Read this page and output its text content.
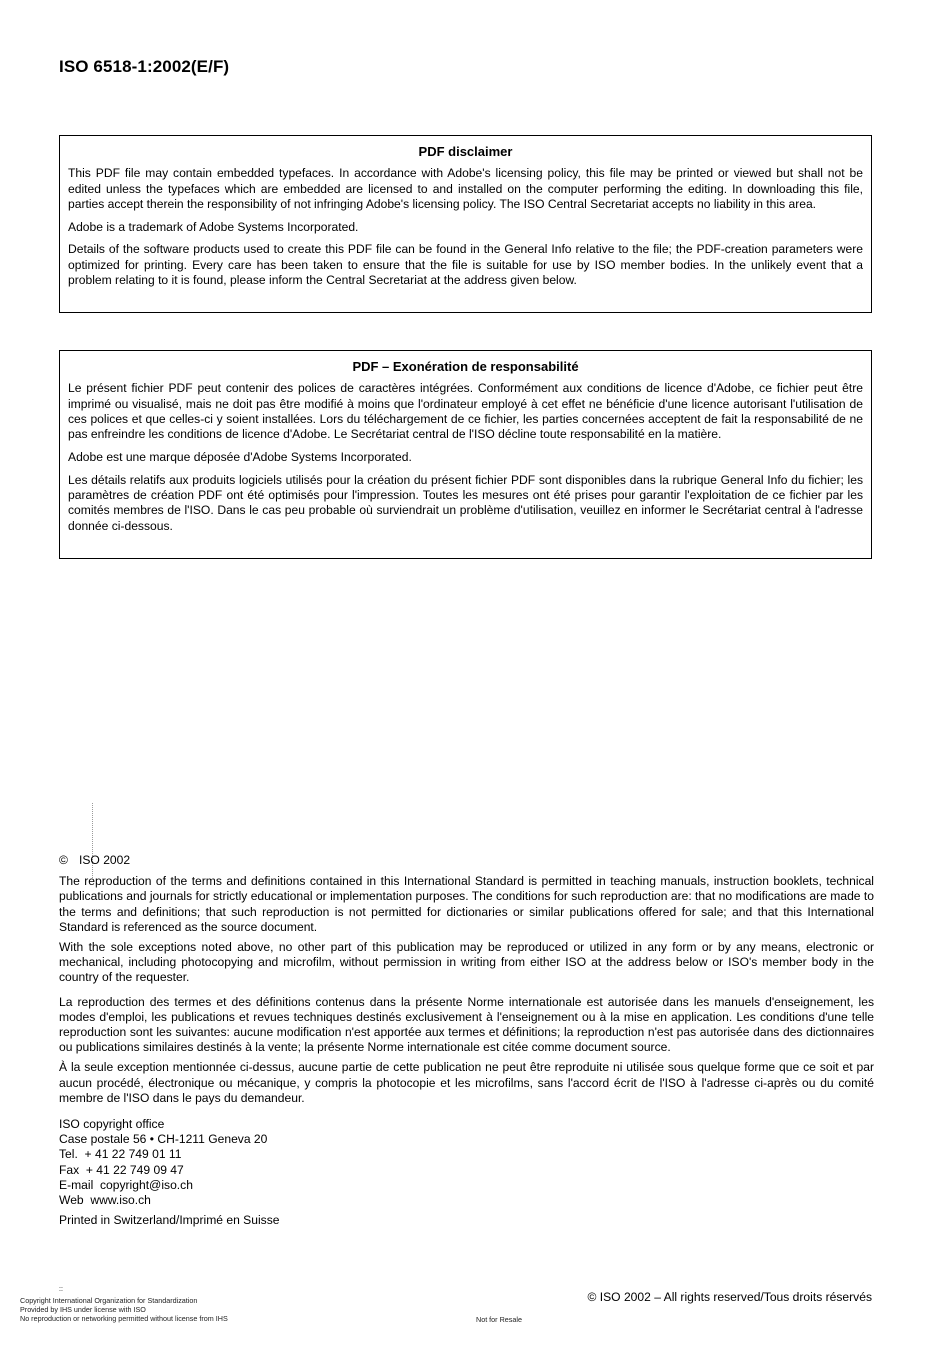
ISO 6518-1:2002(E/F)
PDF disclaimer

This PDF file may contain embedded typefaces. In accordance with Adobe's licensing policy, this file may be printed or viewed but shall not be edited unless the typefaces which are embedded are licensed to and installed on the computer performing the editing. In downloading this file, parties accept therein the responsibility of not infringing Adobe's licensing policy. The ISO Central Secretariat accepts no liability in this area.

Adobe is a trademark of Adobe Systems Incorporated.

Details of the software products used to create this PDF file can be found in the General Info relative to the file; the PDF-creation parameters were optimized for printing. Every care has been taken to ensure that the file is suitable for use by ISO member bodies. In the unlikely event that a problem relating to it is found, please inform the Central Secretariat at the address given below.

PDF – Exonération de responsabilité

Le présent fichier PDF peut contenir des polices de caractères intégrées. Conformément aux conditions de licence d'Adobe, ce fichier peut être imprimé ou visualisé, mais ne doit pas être modifié à moins que l'ordinateur employé à cet effet ne bénéficie d'une licence autorisant l'utilisation de ces polices et que celles-ci y soient installées. Lors du téléchargement de ce fichier, les parties concernées acceptent de fait la responsabilité de ne pas enfreindre les conditions de licence d'Adobe. Le Secrétariat central de l'ISO décline toute responsabilité en la matière.

Adobe est une marque déposée d'Adobe Systems Incorporated.

Les détails relatifs aux produits logiciels utilisés pour la création du présent fichier PDF sont disponibles dans la rubrique General Info du fichier; les paramètres de création PDF ont été optimisés pour l'impression. Toutes les mesures ont été prises pour garantir l'exploitation de ce fichier par les comités membres de l'ISO. Dans le cas peu probable où surviendrait un problème d'utilisation, veuillez en informer le Secrétariat central à l'adresse donnée ci-dessous.

© ISO 2002

The reproduction of the terms and definitions contained in this International Standard is permitted in teaching manuals, instruction booklets, technical publications and journals for strictly educational or implementation purposes. The conditions for such reproduction are: that no modifications are made to the terms and definitions; that such reproduction is not permitted for dictionaries or similar publications offered for sale; and that this International Standard is referenced as the source document.

With the sole exceptions noted above, no other part of this publication may be reproduced or utilized in any form or by any means, electronic or mechanical, including photocopying and microfilm, without permission in writing from either ISO at the address below or ISO's member body in the country of the requester.

La reproduction des termes et des définitions contenus dans la présente Norme internationale est autorisée dans les manuels d'enseignement, les modes d'emploi, les publications et revues techniques destinés exclusivement à l'enseignement ou à la mise en application. Les conditions d'une telle reproduction sont les suivantes: aucune modification n'est apportée aux termes et définitions; la reproduction n'est pas autorisée dans des dictionnaires ou publications similaires destinés à la vente; la présente Norme internationale est citée comme document source.

À la seule exception mentionnée ci-dessus, aucune partie de cette publication ne peut être reproduite ni utilisée sous quelque forme que ce soit et par aucun procédé, électronique ou mécanique, y compris la photocopie et les microfilms, sans l'accord écrit de l'ISO à l'adresse ci-après ou du comité membre de l'ISO dans le pays du demandeur.

ISO copyright office
Case postale 56 • CH-1211 Geneva 20
Tel.  + 41 22 749 01 11
Fax  + 41 22 749 09 47
E-mail  copyright@iso.ch
Web  www.iso.ch
Printed in Switzerland/Imprimé en Suisse
::
Copyright International Organization for Standardization
Provided by IHS under license with ISO
No reproduction or networking permitted without license from IHS	Not for Resale
© ISO 2002 – All rights reserved/Tous droits réservés
